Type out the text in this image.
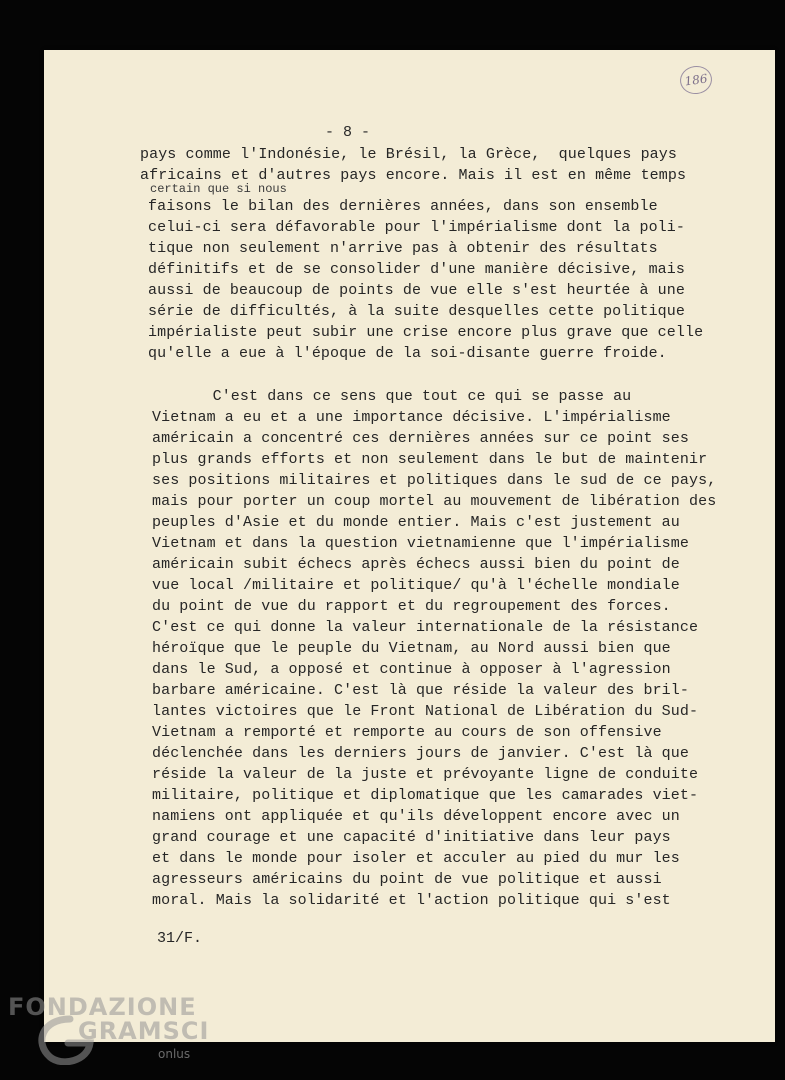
186
- 8 -
certain que si nous
pays comme l'Indonésie, le Brésil, la Grèce,  quelques pays
africains et d'autres pays encore. Mais il est en même temps
faisons le bilan des dernières années, dans son ensemble
celui-ci sera défavorable pour l'impérialisme dont la poli-
tique non seulement n'arrive pas à obtenir des résultats
définitifs et de se consolider d'une manière décisive, mais
aussi de beaucoup de points de vue elle s'est heurtée à une
série de difficultés, à la suite desquelles cette politique
impérialiste peut subir une crise encore plus grave que celle
qu'elle a eue à l'époque de la soi-disante guerre froide.
C'est dans ce sens que tout ce qui se passe au
Vietnam a eu et a une importance décisive. L'impérialisme
américain a concentré ces dernières années sur ce point ses
plus grands efforts et non seulement dans le but de maintenir
ses positions militaires et politiques dans le sud de ce pays,
mais pour porter un coup mortel au mouvement de libération des
peuples d'Asie et du monde entier. Mais c'est justement au
Vietnam et dans la question vietnamienne que l'impérialisme
américain subit échecs après échecs aussi bien du point de
vue local /militaire et politique/ qu'à l'échelle mondiale
du point de vue du rapport et du regroupement des forces.
C'est ce qui donne la valeur internationale de la résistance
héroïque que le peuple du Vietnam, au Nord aussi bien que
dans le Sud, a opposé et continue à opposer à l'agression
barbare américaine. C'est là que réside la valeur des bril-
lantes victoires que le Front National de Libération du Sud-
Vietnam a remporté et remporte au cours de son offensive
déclenchée dans les derniers jours de janvier. C'est là que
réside la valeur de la juste et prévoyante ligne de conduite
militaire, politique et diplomatique que les camarades viet-
namiens ont appliquée et qu'ils développent encore avec un
grand courage et une capacité d'initiative dans leur pays
et dans le monde pour isoler et acculer au pied du mur les
agresseurs américains du point de vue politique et aussi
moral. Mais la solidarité et l'action politique qui s'est
31/F.
FONDAZIONE
GRAMSCI
onlus
